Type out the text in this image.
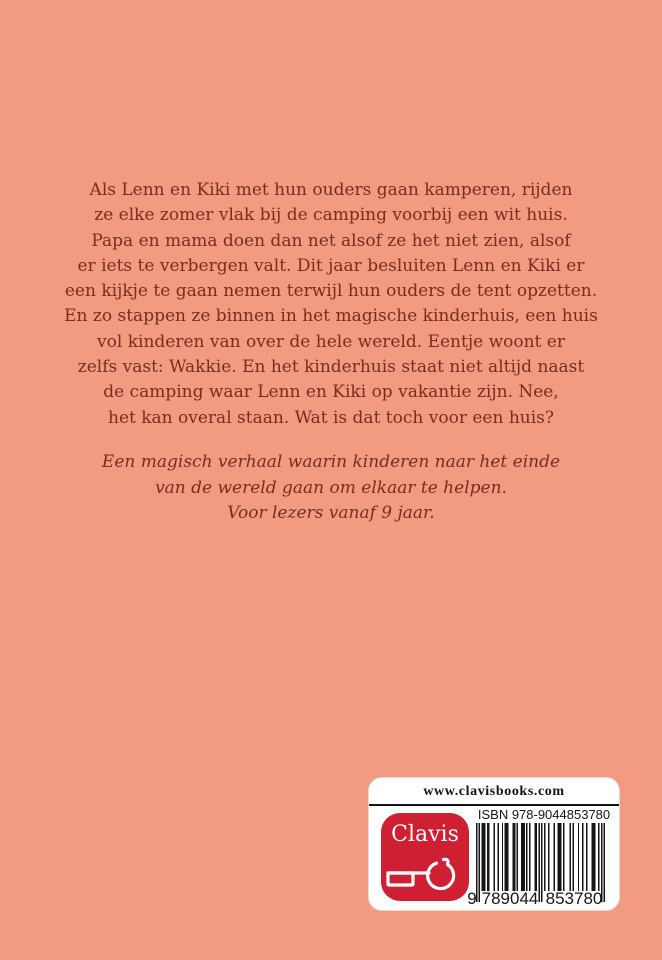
Als Lenn en Kiki met hun ouders gaan kamperen, rijden
ze elke zomer vlak bij de camping voorbij een wit huis.
Papa en mama doen dan net alsof ze het niet zien, alsof
er iets te verbergen valt. Dit jaar besluiten Lenn en Kiki er
een kijkje te gaan nemen terwijl hun ouders de tent opzetten.
En zo stappen ze binnen in het magische kinderhuis, een huis
vol kinderen van over de hele wereld. Eentje woont er
zelfs vast: Wakkie. En het kinderhuis staat niet altijd naast
de camping waar Lenn en Kiki op vakantie zijn. Nee,
het kan overal staan. Wat is dat toch voor een huis?
Een magisch verhaal waarin kinderen naar het einde
van de wereld gaan om elkaar te helpen.
Voor lezers vanaf 9 jaar.
www.clavisbooks.com
Clavis
ISBN 978-9044853780
9 789044 853780
